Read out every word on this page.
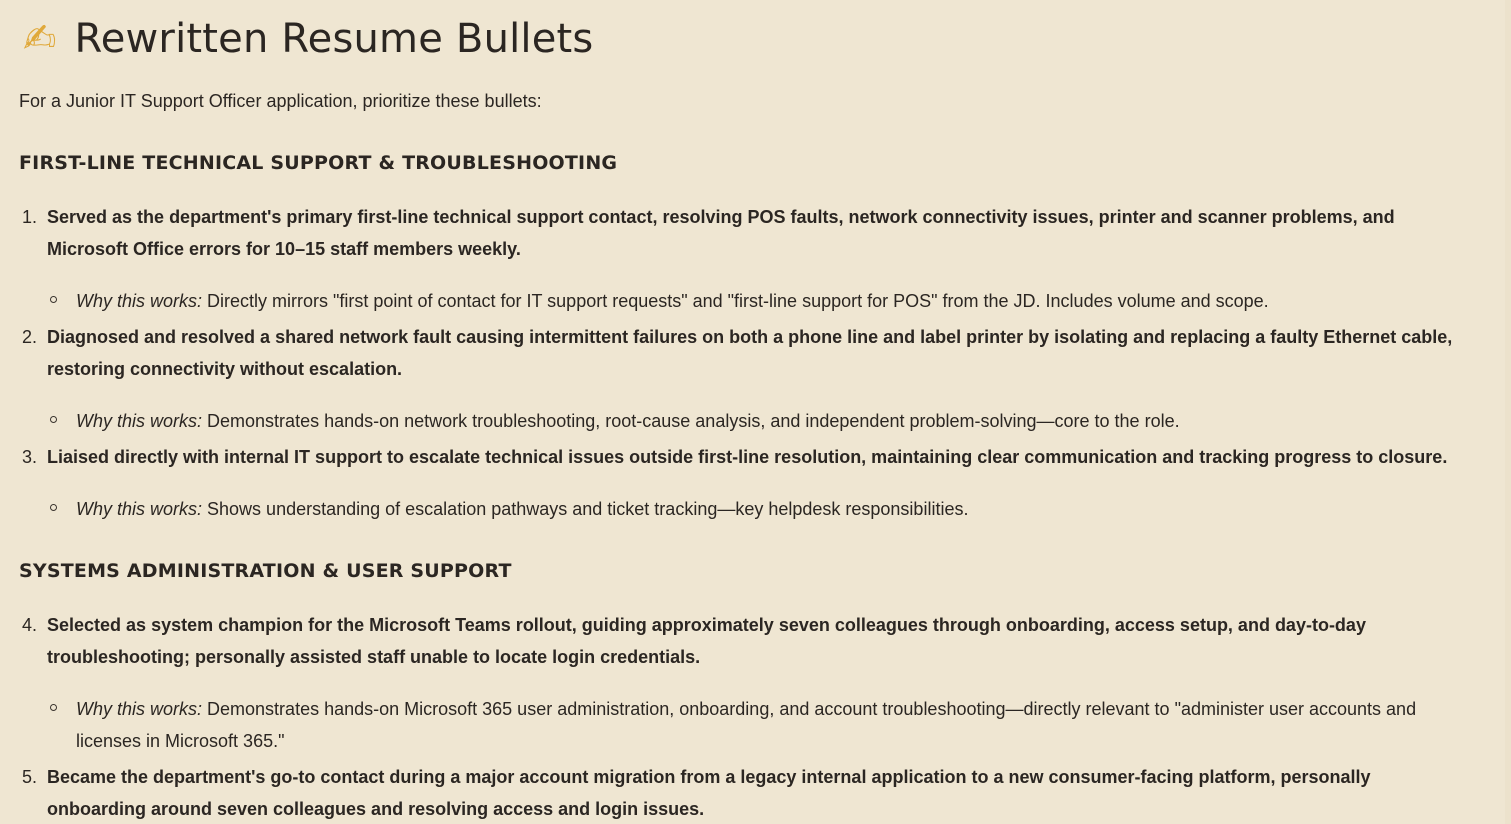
✍ Rewritten Resume Bullets
For a Junior IT Support Officer application, prioritize these bullets:
FIRST-LINE TECHNICAL SUPPORT & TROUBLESHOOTING
1. Served as the department's primary first-line technical support contact, resolving POS faults, network connectivity issues, printer and scanner problems, and Microsoft Office errors for 10–15 staff members weekly.
Why this works: Directly mirrors "first point of contact for IT support requests" and "first-line support for POS" from the JD. Includes volume and scope.
2. Diagnosed and resolved a shared network fault causing intermittent failures on both a phone line and label printer by isolating and replacing a faulty Ethernet cable, restoring connectivity without escalation.
Why this works: Demonstrates hands-on network troubleshooting, root-cause analysis, and independent problem-solving—core to the role.
3. Liaised directly with internal IT support to escalate technical issues outside first-line resolution, maintaining clear communication and tracking progress to closure.
Why this works: Shows understanding of escalation pathways and ticket tracking—key helpdesk responsibilities.
SYSTEMS ADMINISTRATION & USER SUPPORT
4. Selected as system champion for the Microsoft Teams rollout, guiding approximately seven colleagues through onboarding, access setup, and day-to-day troubleshooting; personally assisted staff unable to locate login credentials.
Why this works: Demonstrates hands-on Microsoft 365 user administration, onboarding, and account troubleshooting—directly relevant to "administer user accounts and licenses in Microsoft 365."
5. Became the department's go-to contact during a major account migration from a legacy internal application to a new consumer-facing platform, personally onboarding around seven colleagues and resolving access and login issues.
